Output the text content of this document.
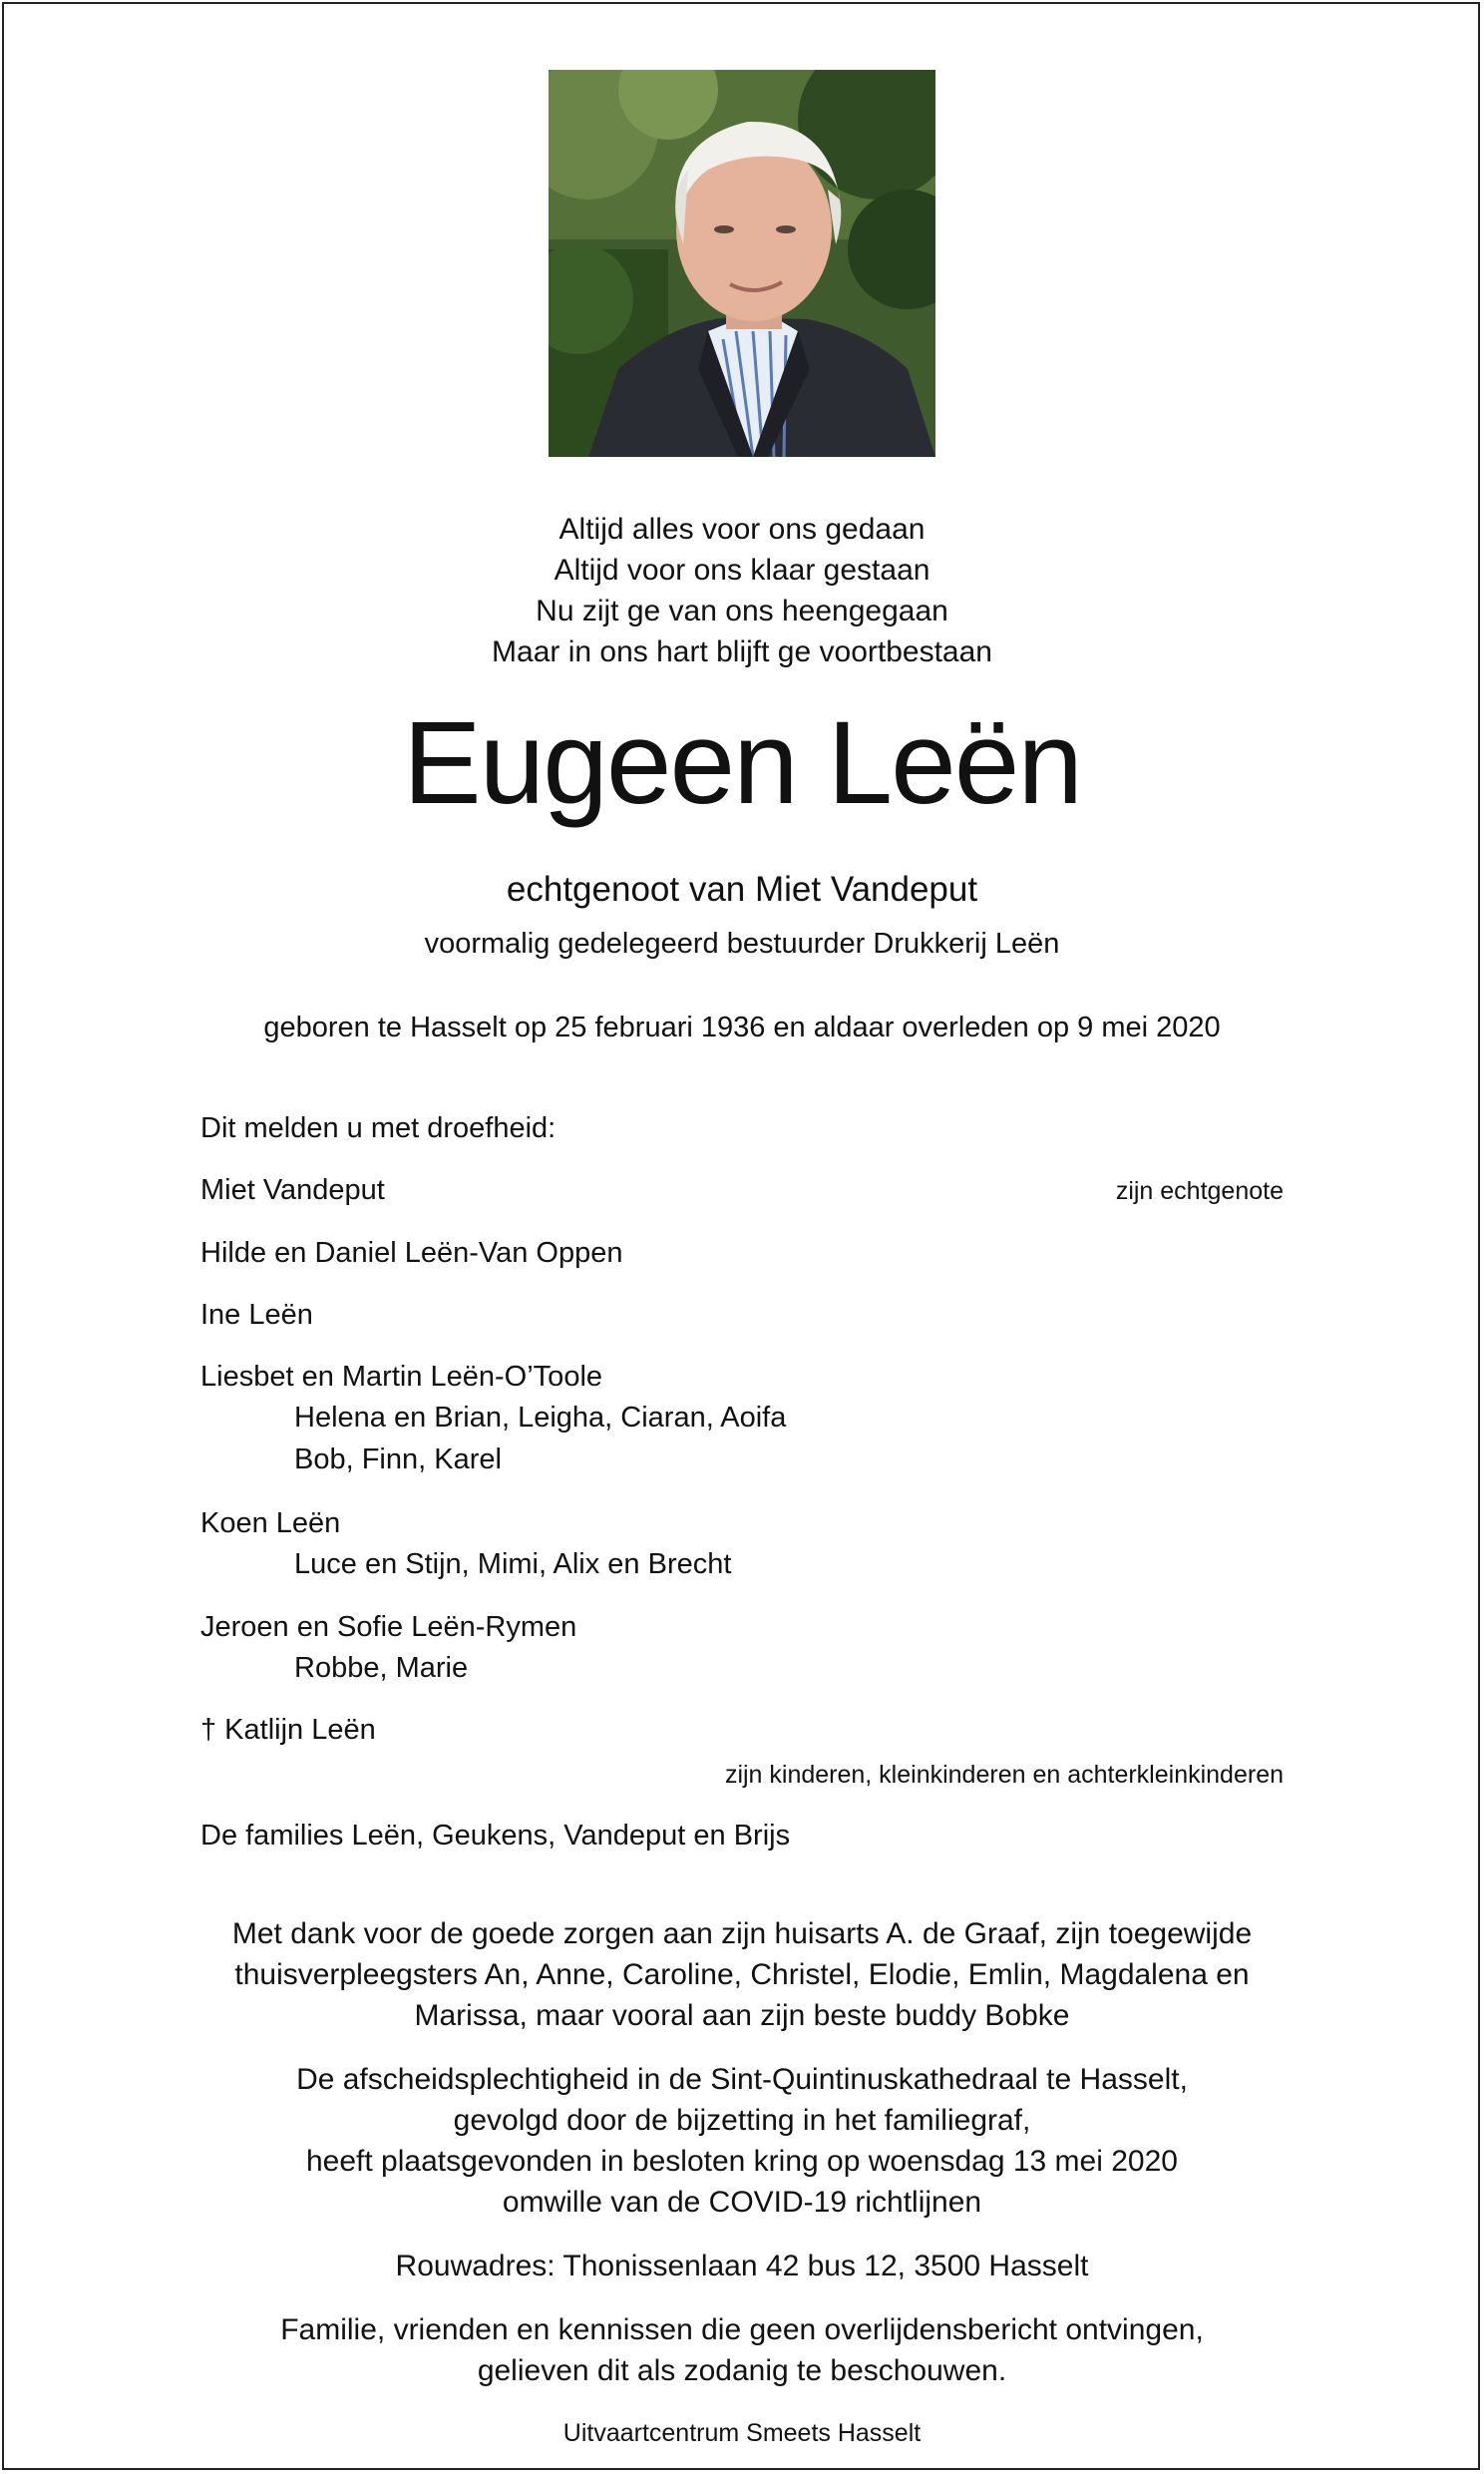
Altijd alles voor ons gedaan
Altijd voor ons klaar gestaan
Nu zijt ge van ons heengegaan
Maar in ons hart blijft ge voortbestaan
Eugeen Leën
echtgenoot van Miet Vandeput
voormalig gedelegeerd bestuurder Drukkerij Leën
geboren te Hasselt op 25 februari 1936 en aldaar overleden op 9 mei 2020
Dit melden u met droefheid:
Miet Vandeput	zijn echtgenote
Hilde en Daniel Leën-Van Oppen
Ine Leën
Liesbet en Martin Leën-O’Toole
Helena en Brian, Leigha, Ciaran, Aoifa
Bob, Finn, Karel
Koen Leën
Luce en Stijn, Mimi, Alix en Brecht
Jeroen en Sofie Leën-Rymen
Robbe, Marie
† Katlijn Leën
zijn kinderen, kleinkinderen en achterkleinkinderen
De families Leën, Geukens, Vandeput en Brijs
Met dank voor de goede zorgen aan zijn huisarts A. de Graaf, zijn toegewijde
thuisverpleegsters An, Anne, Caroline, Christel, Elodie, Emlin, Magdalena en
Marissa, maar vooral aan zijn beste buddy Bobke
De afscheidsplechtigheid in de Sint-Quintinuskathedraal te Hasselt,
gevolgd door de bijzetting in het familiegraf,
heeft plaatsgevonden in besloten kring op woensdag 13 mei 2020
omwille van de COVID-19 richtlijnen
Rouwadres: Thonissenlaan 42 bus 12, 3500 Hasselt
Familie, vrienden en kennissen die geen overlijdensbericht ontvingen,
gelieven dit als zodanig te beschouwen.
Uitvaartcentrum Smeets Hasselt
